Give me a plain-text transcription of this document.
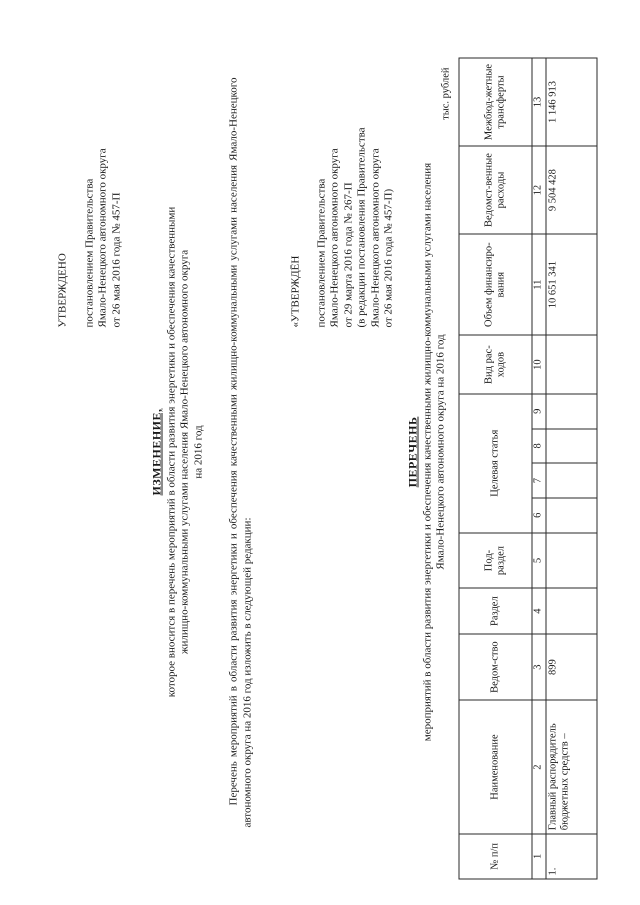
УТВЕРЖДЕНО постановлением Правительства Ямало-Ненецкого автономного округа от 26 мая 2016 года № 457-П
ИЗМЕНЕНИЕ, которое вносится в перечень мероприятий в области развития энергетики и обеспечения качественными жилищно-коммунальными услугами населения Ямало-Ненецкого автономного округа на 2016 год Перечень мероприятий в области развития энергетики и обеспечения качественными жилищно-коммунальными услугами населения Ямало-Ненецкого автономного округа на 2016 год изложить в следующей редакции:

«УТВЕРЖДЁН постановлением Правительства Ямало-Ненецкого автономного округа от 29 марта 2016 года № 267-П (в редакции постановления Правительства Ямало-Ненецкого автономного округа от 26 мая 2016 года № 457-П)
ПЕРЕЧЕНЬ мероприятий в области развития энергетики и обеспечения качественными жилищно-коммунальными услугами населения Ямало-Ненецкого автономного округа на 2016 год
тыс. рублей
№ п/п	Наименование	Ведом-ство	Раздел	Под-раздел	Целевая статья				Вид рас-ходов	Объем финансиро-вания	Ведомст-венные расходы	Межбюд-жетные трансферты
1	2	3	4	5	6	7	8	9	10	11	12	13
1.	Главный распорядитель бюджетных средств –	899								10 651 341	9 504 428	1 146 913
